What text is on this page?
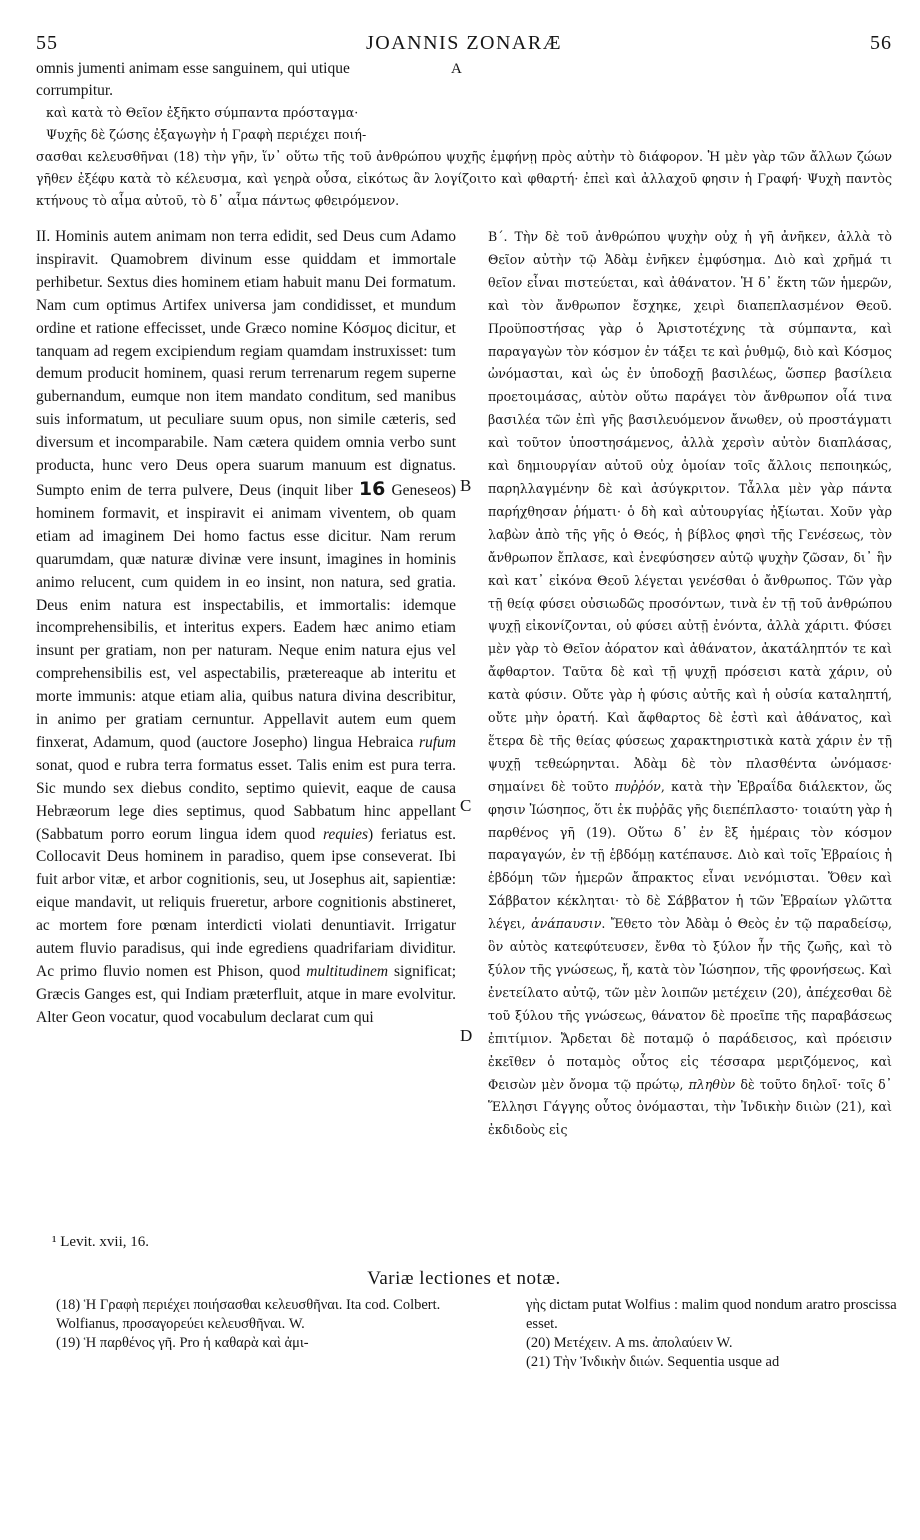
55	JOANNIS ZONARÆ	56
omnis jumenti animam esse sanguinem, qui utique
corrumpitur.
A
καὶ κατὰ τὸ Θεῖον ἐξῆκτο σύμπαντα πρόσταγμα·
Ψυχῆς δὲ ζώσης ἐξαγωγὴν ἡ Γραφὴ περιέχει ποιή-
σασθαι κελευσθῆναι (18) τὴν γῆν, ἵν᾽ οὕτω τῆς τοῦ ἀνθρώπου ψυχῆς ἐμφήνῃ πρὸς αὐτὴν τὸ διάφορον. Ἡ μὲν γὰρ τῶν ἄλλων ζώων γῆθεν ἐξέφυ κατὰ τὸ κέλευσμα, καὶ γεηρὰ οὖσα, εἰκότως ἂν λογίζοιτο καὶ φθαρτή· ἐπεὶ καὶ ἀλλαχοῦ φησιν ἡ Γραφή· Ψυχὴ παντὸς κτήνους τὸ αἷμα αὐτοῦ, τὸ δ᾽ αἷμα πάντως φθειρόμενον.

II. Hominis autem animam non terra edidit, sed Deus cum Adamo inspiravit. Quamobrem divinum esse quiddam et immortale perhibetur. Sextus dies hominem etiam habuit manu Dei formatum. Nam cum optimus Artifex universa jam condidisset, et mundum ordine et ratione effecisset, unde Græco nomine Κόσμος dicitur, et tanquam ad regem excipiendum regiam quamdam instruxisset: tum demum producit hominem, quasi rerum terrenarum regem superne gubernandum, eumque non item mandato conditum, sed manibus suis informatum, ut peculiare suum opus, non simile cæteris, sed diversum et incomparabile. Nam cætera quidem omnia verbo sunt producta, hunc vero Deus opera suarum manuum est dignatus. Sumpto enim de terra pulvere, Deus (inquit liber 16 Geneseos) hominem formavit, et inspiravit ei animam viventem, ob quam etiam ad imaginem Dei homo factus esse dicitur. Nam rerum quarumdam, quæ naturæ divinæ vere insunt, imagines in hominis animo relucent, cum quidem in eo insint, non natura, sed gratia. Deus enim natura est inspectabilis, et immortalis: idemque incomprehensibilis, et interitus expers. Eadem hæc animo etiam insunt per gratiam, non per naturam. Neque enim natura ejus vel comprehensibilis est, vel aspectabilis, prætereaque ab interitu et morte immunis: atque etiam alia, quibus natura divina describitur, in animo per gratiam cernuntur. Appellavit autem eum quem finxerat, Adamum, quod (auctore Josepho) lingua Hebraica rufum sonat, quod e rubra terra formatus esset. Talis enim est pura terra. Sic mundo sex diebus condito, septimo quievit, eaque de causa Hebræorum lege dies septimus, quod Sabbatum hinc appellant (Sabbatum porro eorum lingua idem quod requies) feriatus est. Collocavit Deus hominem in paradiso, quem ipse conseverat. Ibi fuit arbor vitæ, et arbor cognitionis, seu, ut Josephus ait, sapientiæ: eique mandavit, ut reliquis frueretur, arbore cognitionis abstineret, ac mortem fore pœnam interdicti violati denuntiavit. Irrigatur autem fluvio paradisus, qui inde egrediens quadrifariam dividitur. Ac primo fluvio nomen est Phison, quod multitudinem significat; Græcis Ganges est, qui Indiam præterfluit, atque in mare evolvitur. Alter Geon vocatur, quod vocabulum declarat cum qui

B
C
D

Β΄. Τὴν δὲ τοῦ ἀνθρώπου ψυχὴν οὐχ ἡ γῆ ἀνῆκεν, ἀλλὰ τὸ Θεῖον αὐτὴν τῷ Ἀδὰμ ἐνῆκεν ἐμφύσημα. Διὸ καὶ χρῆμά τι θεῖον εἶναι πιστεύεται, καὶ ἀθάνατον. Ἡ δ᾽ ἕκτη τῶν ἡμερῶν, καὶ τὸν ἄνθρωπον ἔσχηκε, χειρὶ διαπεπλασμένον Θεοῦ. Προϋποστήσας γὰρ ὁ Ἀριστοτέχνης τὰ σύμπαντα, καὶ παραγαγὼν τὸν κόσμον ἐν τάξει τε καὶ ῥυθμῷ, διὸ καὶ Κόσμος ὠνόμασται, καὶ ὡς ἐν ὑποδοχῇ βασιλέως, ὥσπερ βασίλεια προετοιμάσας, αὐτὸν οὕτω παράγει τὸν ἄνθρωπον οἷά τινα βασιλέα τῶν ἐπὶ γῆς βασιλευόμενον ἄνωθεν, οὐ προστάγματι καὶ τοῦτον ὑποστησάμενος, ἀλλὰ χερσὶν αὐτὸν διαπλάσας, καὶ δημιουργίαν αὐτοῦ οὐχ ὁμοίαν τοῖς ἄλλοις πεποιηκώς, παρηλλαγμένην δὲ καὶ ἀσύγκριτον. Τἆλλα μὲν γὰρ πάντα παρήχθησαν ῥήματι· ὁ δὴ καὶ αὐτουργίας ἠξίωται. Χοῦν γὰρ λαβὼν ἀπὸ τῆς γῆς ὁ Θεός, ἡ βίβλος φησὶ τῆς Γενέσεως, τὸν ἄνθρωπον ἔπλασε, καὶ ἐνεφύσησεν αὐτῷ ψυχὴν ζῶσαν, δι᾽ ἣν καὶ κατ᾽ εἰκόνα Θεοῦ λέγεται γενέσθαι ὁ ἄνθρωπος. Τῶν γὰρ τῇ θείᾳ φύσει οὐσιωδῶς προσόντων, τινὰ ἐν τῇ τοῦ ἀνθρώπου ψυχῇ εἰκονίζονται, οὐ φύσει αὐτῇ ἐνόντα, ἀλλὰ χάριτι. Φύσει μὲν γὰρ τὸ Θεῖον ἀόρατον καὶ ἀθάνατον, ἀκατάληπτόν τε καὶ ἄφθαρτον. Ταῦτα δὲ καὶ τῇ ψυχῇ πρόσεισι κατὰ χάριν, οὐ κατὰ φύσιν. Οὔτε γὰρ ἡ φύσις αὐτῆς καὶ ἡ οὐσία καταληπτή, οὔτε μὴν ὁρατή. Καὶ ἄφθαρτος δὲ ἐστὶ καὶ ἀθάνατος, καὶ ἕτερα δὲ τῆς θείας φύσεως χαρακτηριστικὰ κατὰ χάριν ἐν τῇ ψυχῇ τεθεώρηνται. Ἀδὰμ δὲ τὸν πλασθέντα ὠνόμασε· σημαίνει δὲ τοῦτο πυῤῥόν, κατὰ τὴν Ἑβραΐδα διάλεκτον, ὥς φησιν Ἰώσηπος, ὅτι ἐκ πυῤῥᾶς γῆς διεπέπλαστο· τοιαύτη γὰρ ἡ παρθένος γῆ (19). Οὕτω δ᾽ ἐν ἓξ ἡμέραις τὸν κόσμον παραγαγών, ἐν τῇ ἑβδόμῃ κατέπαυσε. Διὸ καὶ τοῖς Ἑβραίοις ἡ ἑβδόμη τῶν ἡμερῶν ἄπρακτος εἶναι νενόμισται. Ὅθεν καὶ Σάββατον κέκληται· τὸ δὲ Σάββατον ἡ τῶν Ἑβραίων γλῶττα λέγει, ἀνάπαυσιν. Ἔθετο τὸν Ἀδὰμ ὁ Θεὸς ἐν τῷ παραδείσῳ, ὃν αὐτὸς κατεφύτευσεν, ἔνθα τὸ ξύλον ἦν τῆς ζωῆς, καὶ τὸ ξύλον τῆς γνώσεως, ἤ, κατὰ τὸν Ἰώσηπον, τῆς φρονήσεως. Καὶ ἐνετείλατο αὐτῷ, τῶν μὲν λοιπῶν μετέχειν (20), ἀπέχεσθαι δὲ τοῦ ξύλου τῆς γνώσεως, θάνατον δὲ προεῖπε τῆς παραβάσεως ἐπιτίμιον. Ἄρδεται δὲ ποταμῷ ὁ παράδεισος, καὶ πρόεισιν ἐκεῖθεν ὁ ποταμὸς οὗτος εἰς τέσσαρα μεριζόμενος, καὶ Φεισὼν μὲν ὄνομα τῷ πρώτῳ, πληθὺν δὲ τοῦτο δηλοῖ· τοῖς δ᾽ Ἕλλησι Γάγγης οὗτος ὀνόμασται, τὴν Ἰνδικὴν διιὼν (21), καὶ ἐκδιδοὺς εἰς

¹ Levit. xvii, 16.
Variæ lectiones et notæ.

(18) Ἡ Γραφὴ περιέχει ποιήσασθαι κελευσθῆναι. Ita cod. Colbert. Wolfianus, προσαγορεύει κελευσθῆναι. W.

(19) Ἡ παρθένος γῆ. Pro ἡ καθαρὰ καὶ ἀμι-

γὴς dictam putat Wolfius : malim quod nondum aratro proscissa esset.

(20) Μετέχειν. A ms. ἀπολαύειν W.

(21) Τὴν Ἰνδικὴν διιών. Sequentia usque ad
